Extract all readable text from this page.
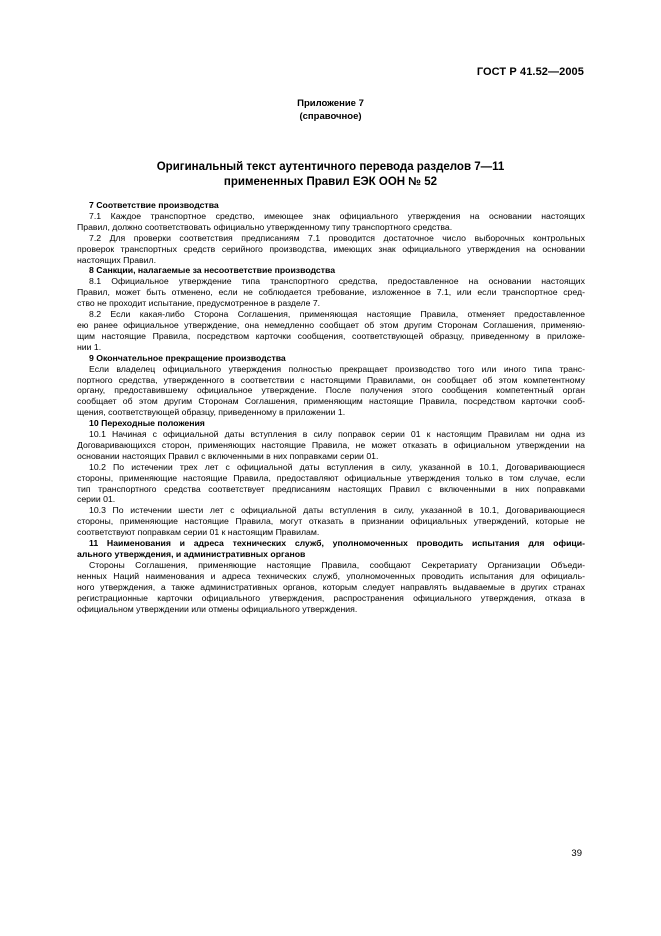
ГОСТ Р 41.52—2005
Приложение 7
(справочное)
Оригинальный текст аутентичного перевода разделов 7—11
примененных Правил ЕЭК ООН № 52
7 Соответствие производства
7.1 Каждое транспортное средство, имеющее знак официального утверждения на основании настоящих
Правил, должно соответствовать официально утвержденному типу транспортного средства.
7.2 Для проверки соответствия предписаниям 7.1 проводится достаточное число выборочных контрольных
проверок транспортных средств серийного производства, имеющих знак официального утверждения на основании
настоящих Правил.
8 Санкции, налагаемые за несоответствие производства
8.1 Официальное утверждение типа транспортного средства, предоставленное на основании настоящих
Правил, может быть отменено, если не соблюдается требование, изложенное в 7.1, или если транспортное сред-
ство не проходит испытание, предусмотренное в разделе 7.
8.2 Если какая-либо Сторона Соглашения, применяющая настоящие Правила, отменяет предоставленное
ею ранее официальное утверждение, она немедленно сообщает об этом другим Сторонам Соглашения, применяю-
щим настоящие Правила, посредством карточки сообщения, соответствующей образцу, приведенному в приложе-
нии 1.
9 Окончательное прекращение производства
Если владелец официального утверждения полностью прекращает производство того или иного типа транс-
портного средства, утвержденного в соответствии с настоящими Правилами, он сообщает об этом компетентному
органу, предоставившему официальное утверждение. После получения этого сообщения компетентный орган
сообщает об этом другим Сторонам Соглашения, применяющим настоящие Правила, посредством карточки сооб-
щения, соответствующей образцу, приведенному в приложении 1.
10 Переходные положения
10.1 Начиная с официальной даты вступления в силу поправок серии 01 к настоящим Правилам ни одна из
Договаривающихся сторон, применяющих настоящие Правила, не может отказать в официальном утверждении на
основании настоящих Правил с включенными в них поправками серии 01.
10.2 По истечении трех лет с официальной даты вступления в силу, указанной в 10.1, Договаривающиеся
стороны, применяющие настоящие Правила, предоставляют официальные утверждения только в том случае, если
тип транспортного средства соответствует предписаниям настоящих Правил с включенными в них поправками
серии 01.
10.3 По истечении шести лет с официальной даты вступления в силу, указанной в 10.1, Договаривающиеся
стороны, применяющие настоящие Правила, могут отказать в признании официальных утверждений, которые не
соответствуют поправкам серии 01 к настоящим Правилам.
11 Наименования и адреса технических служб, уполномоченных проводить испытания для офици-
ального утверждения, и административных органов
Стороны Соглашения, применяющие настоящие Правила, сообщают Секретариату Организации Объеди-
ненных Наций наименования и адреса технических служб, уполномоченных проводить испытания для официаль-
ного утверждения, а также административных органов, которым следует направлять выдаваемые в других странах
регистрационные карточки официального утверждения, распространения официального утверждения, отказа в
официальном утверждении или отмены официального утверждения.
39
